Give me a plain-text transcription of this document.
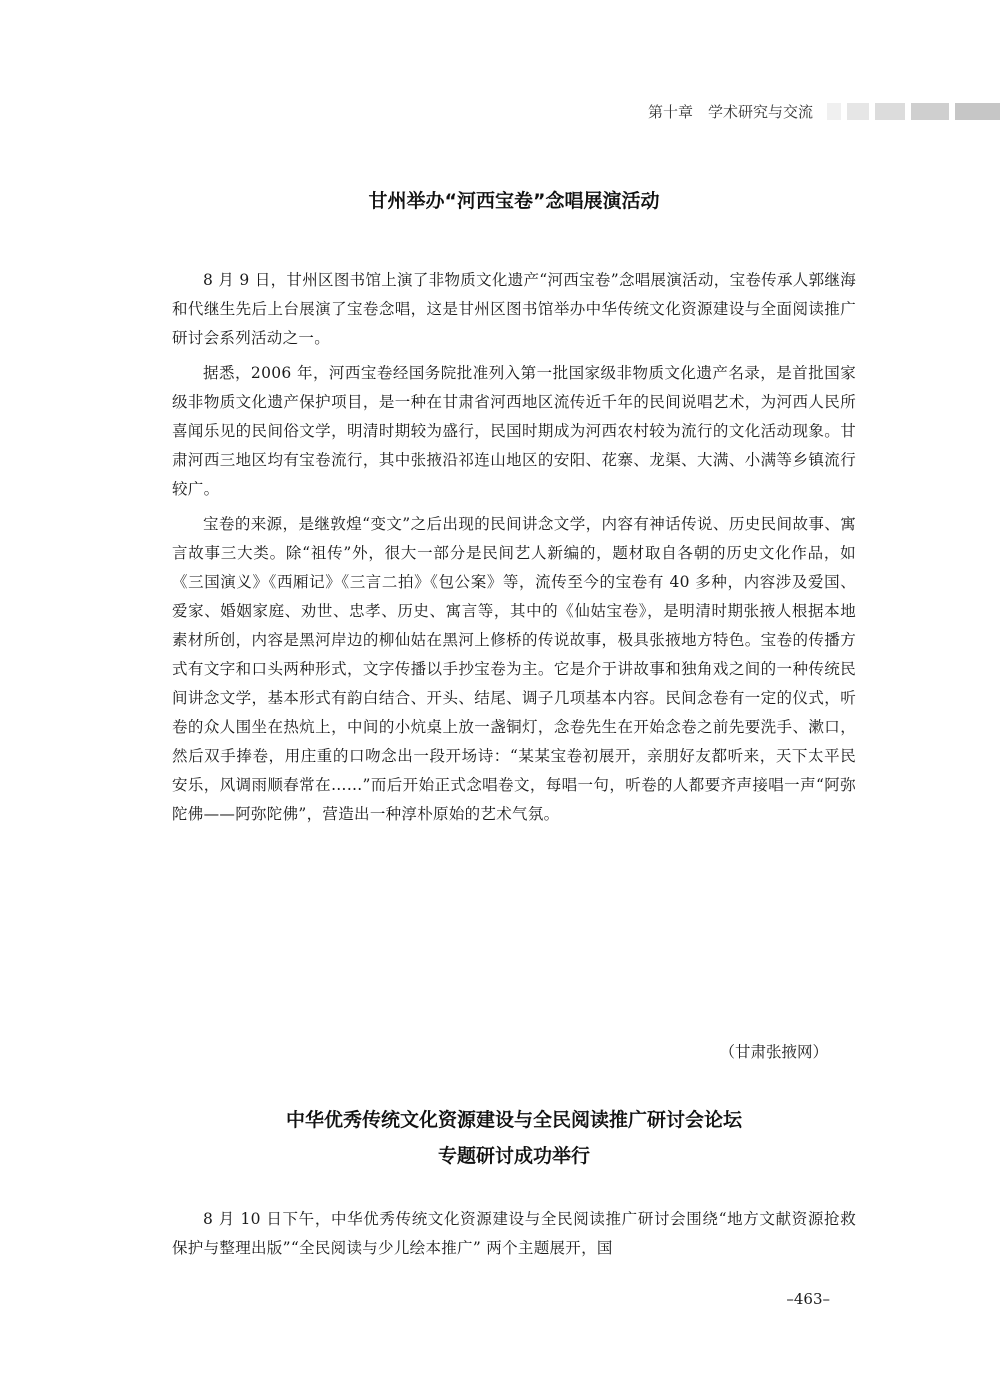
第十章　学术研究与交流
甘州举办“河西宝卷”念唱展演活动

8 月 9 日，甘州区图书馆上演了非物质文化遗产“河西宝卷”念唱展演活动，宝卷传承人郭继海和代继生先后上台展演了宝卷念唱，这是甘州区图书馆举办中华传统文化资源建设与全面阅读推广研讨会系列活动之一。

据悉，2006 年，河西宝卷经国务院批准列入第一批国家级非物质文化遗产名录，是首批国家级非物质文化遗产保护项目，是一种在甘肃省河西地区流传近千年的民间说唱艺术，为河西人民所喜闻乐见的民间俗文学，明清时期较为盛行，民国时期成为河西农村较为流行的文化活动现象。甘肃河西三地区均有宝卷流行，其中张掖沿祁连山地区的安阳、花寨、龙渠、大满、小满等乡镇流行较广。

宝卷的来源，是继敦煌“变文”之后出现的民间讲念文学，内容有神话传说、历史民间故事、寓言故事三大类。除“祖传”外，很大一部分是民间艺人新编的，题材取自各朝的历史文化作品，如《三国演义》《西厢记》《三言二拍》《包公案》等，流传至今的宝卷有 40 多种，内容涉及爱国、爱家、婚姻家庭、劝世、忠孝、历史、寓言等，其中的《仙姑宝卷》，是明清时期张掖人根据本地素材所创，内容是黑河岸边的柳仙姑在黑河上修桥的传说故事，极具张掖地方特色。宝卷的传播方式有文字和口头两种形式，文字传播以手抄宝卷为主。它是介于讲故事和独角戏之间的一种传统民间讲念文学，基本形式有韵白结合、开头、结尾、调子几项基本内容。民间念卷有一定的仪式，听卷的众人围坐在热炕上，中间的小炕桌上放一盏铜灯，念卷先生在开始念卷之前先要洗手、漱口，然后双手捧卷，用庄重的口吻念出一段开场诗：“某某宝卷初展开，亲朋好友都听来，天下太平民安乐，风调雨顺春常在……”而后开始正式念唱卷文，每唱一句，听卷的人都要齐声接唱一声“阿弥陀佛——阿弥陀佛”，营造出一种淳朴原始的艺术气氛。

（甘肃张掖网）

中华优秀传统文化资源建设与全民阅读推广研讨会论坛
专题研讨成功举行

8 月 10 日下午，中华优秀传统文化资源建设与全民阅读推广研讨会围绕“地方文献资源抢救保护与整理出版”“全民阅读与少儿绘本推广” 两个主题展开，国

–463–
